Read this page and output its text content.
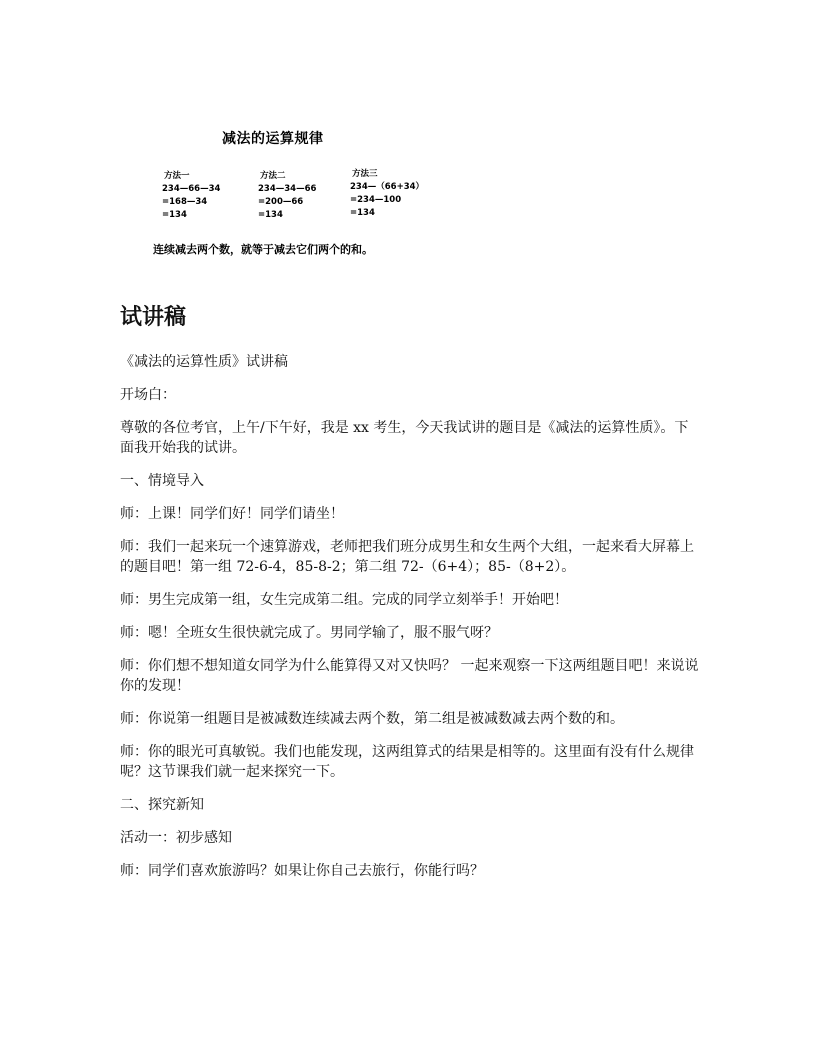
减法的运算规律
方法一
234—66—34
=168—34
=134
方法二
234—34—66
=200—66
=134
方法三
234—（66+34）
=234—100
=134
连续减去两个数，就等于减去它们两个的和。
试讲稿

《减法的运算性质》试讲稿

开场白：

尊敬的各位考官，上午/下午好，我是 xx 考生，今天我试讲的题目是《减法的运算性质》。下面我开始我的试讲。

一、情境导入

师：上课！同学们好！同学们请坐！

师：我们一起来玩一个速算游戏，老师把我们班分成男生和女生两个大组，一起来看大屏幕上的题目吧！第一组 72-6-4，85-8-2；第二组 72-（6+4）；85-（8+2）。

师：男生完成第一组，女生完成第二组。完成的同学立刻举手！开始吧！

师：嗯！全班女生很快就完成了。男同学输了，服不服气呀？

师：你们想不想知道女同学为什么能算得又对又快吗？ 一起来观察一下这两组题目吧！来说说你的发现！

师：你说第一组题目是被减数连续减去两个数，第二组是被减数减去两个数的和。

师：你的眼光可真敏锐。我们也能发现，这两组算式的结果是相等的。这里面有没有什么规律呢？这节课我们就一起来探究一下。

二、探究新知

活动一：初步感知

师：同学们喜欢旅游吗？如果让你自己去旅行，你能行吗？
